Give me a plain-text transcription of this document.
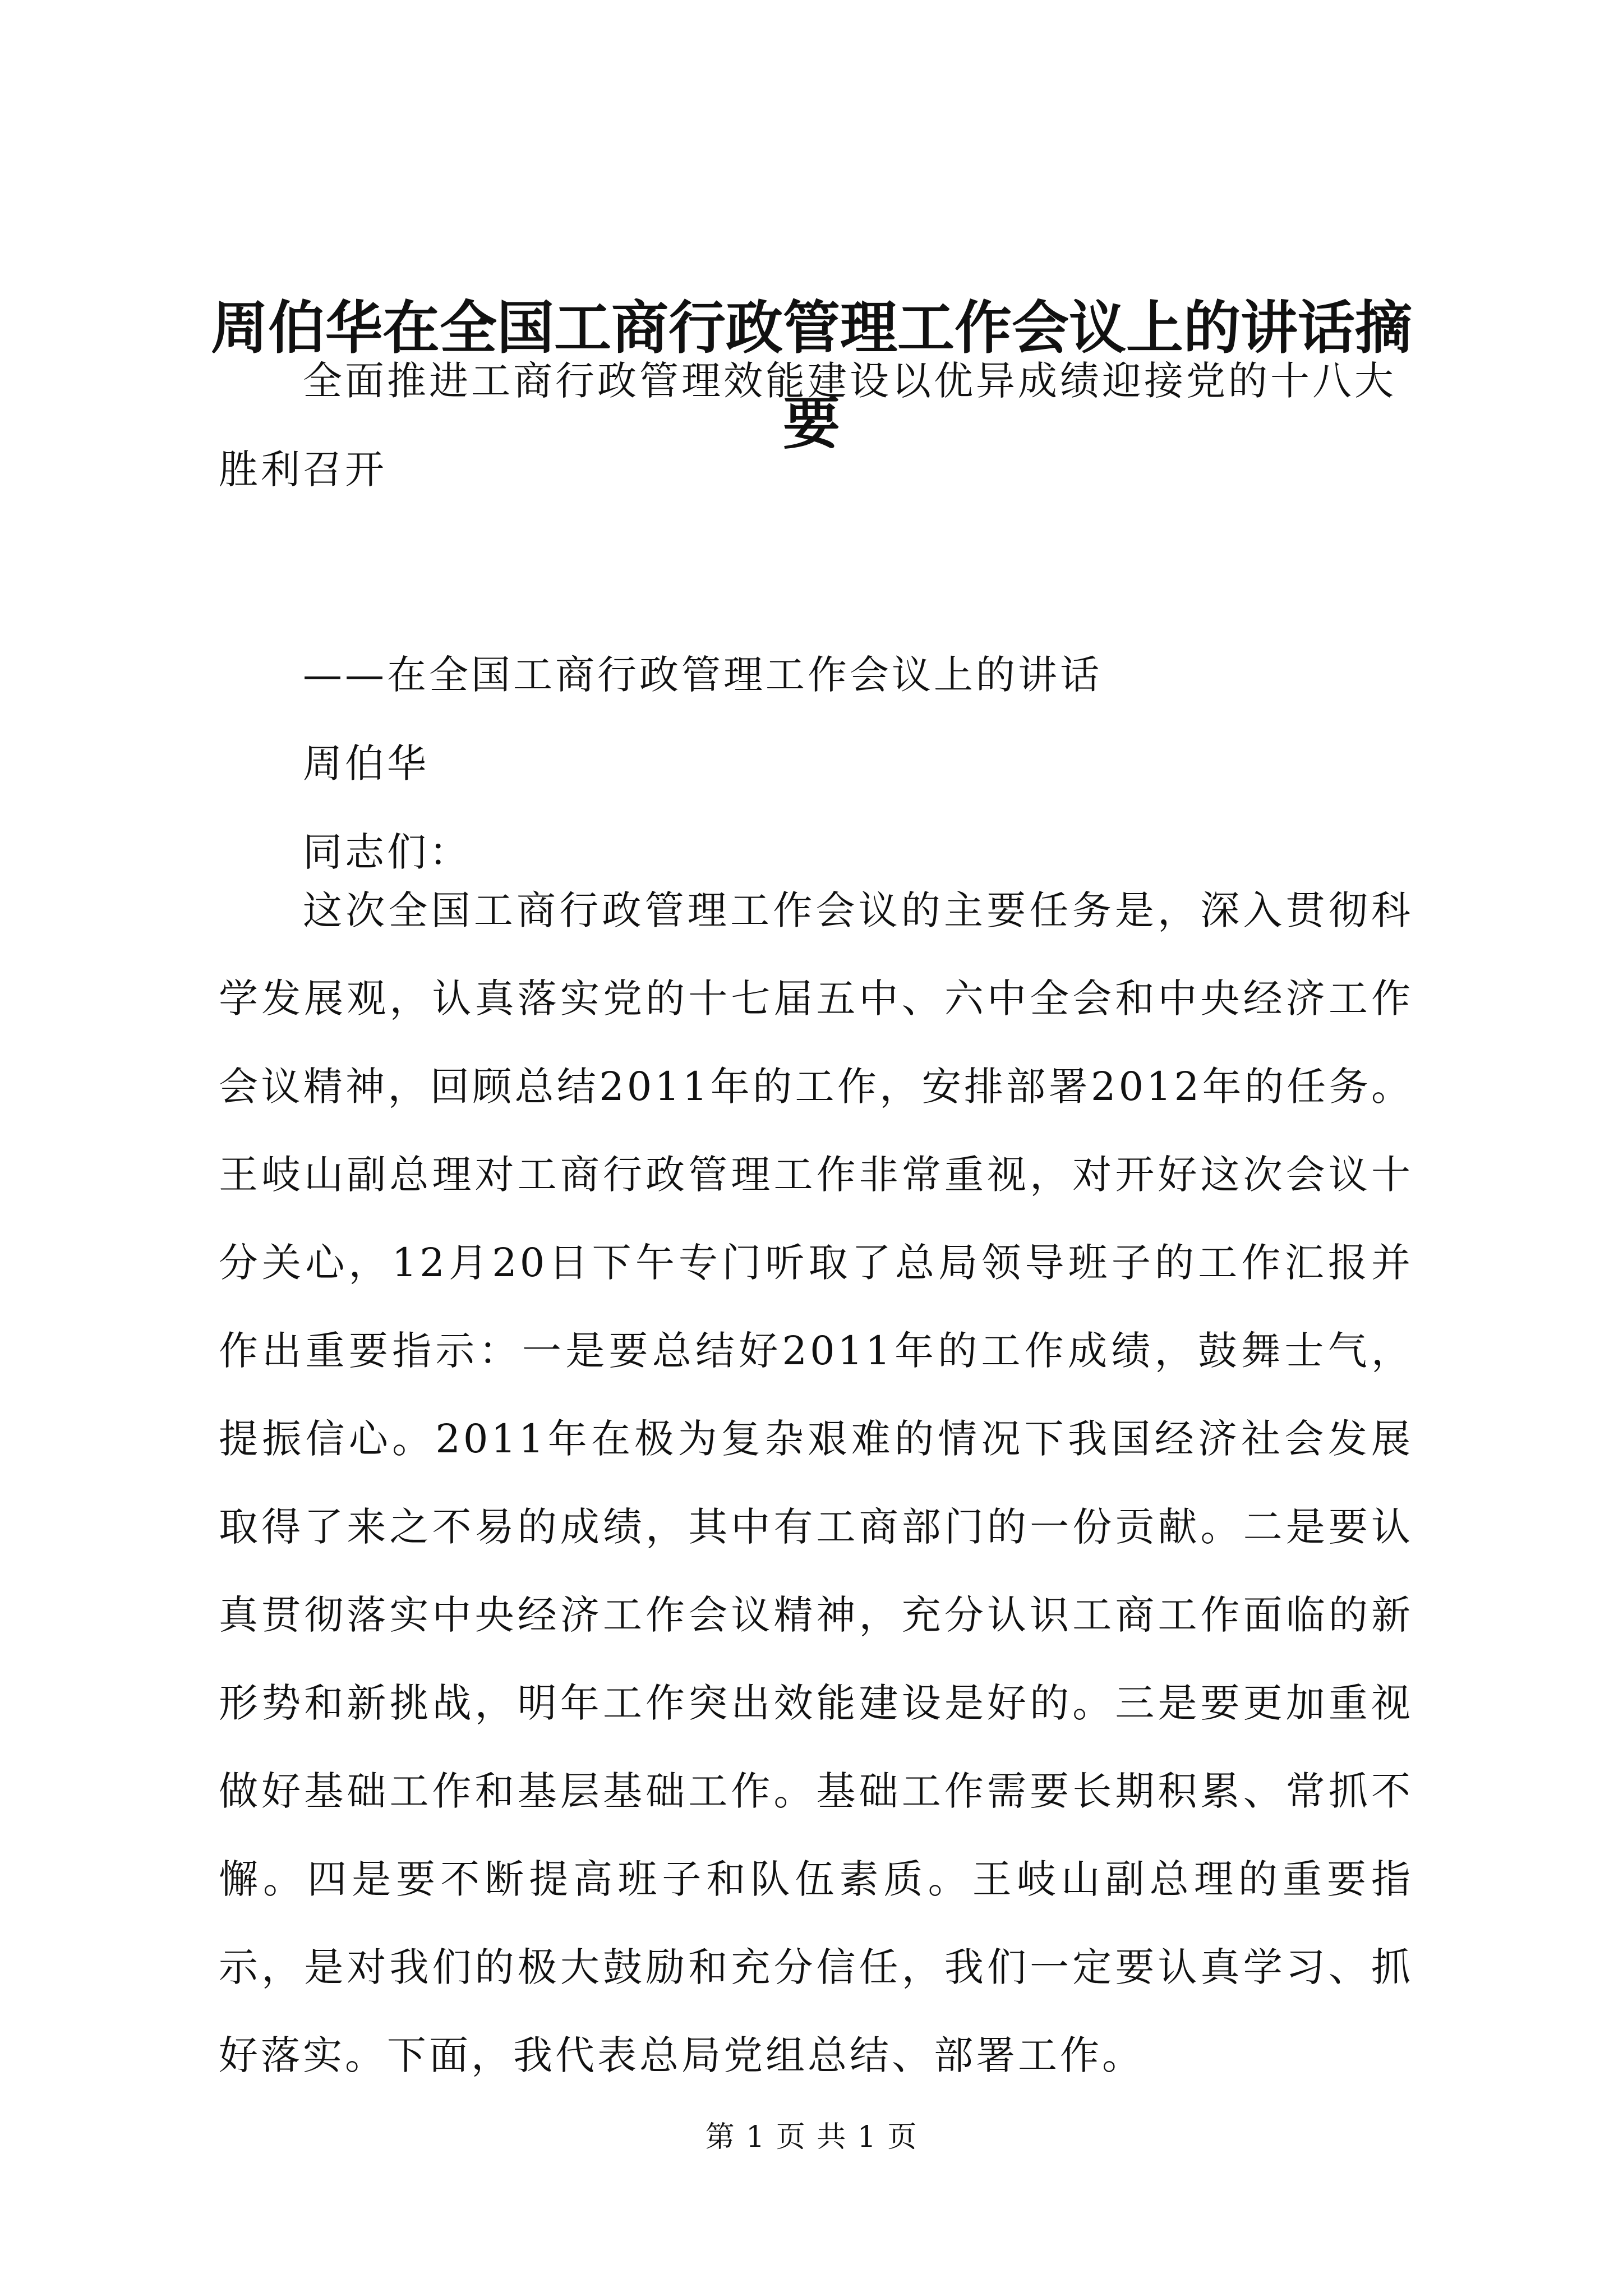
周伯华在全国工商行政管理工作会议上的讲话摘要

全面推进工商行政管理效能建设以优异成绩迎接党的十八大胜利召开

——在全国工商行政管理工作会议上的讲话

周伯华

同志们：

这次全国工商行政管理工作会议的主要任务是，深入贯彻科学发展观，认真落实党的十七届五中、六中全会和中央经济工作会议精神，回顾总结2011年的工作，安排部署2012年的任务。王岐山副总理对工商行政管理工作非常重视，对开好这次会议十分关心，12月20日下午专门听取了总局领导班子的工作汇报并作出重要指示：一是要总结好2011年的工作成绩，鼓舞士气，提振信心。2011年在极为复杂艰难的情况下我国经济社会发展取得了来之不易的成绩，其中有工商部门的一份贡献。二是要认真贯彻落实中央经济工作会议精神，充分认识工商工作面临的新形势和新挑战，明年工作突出效能建设是好的。三是要更加重视做好基础工作和基层基础工作。基础工作需要长期积累、常抓不懈。四是要不断提高班子和队伍素质。王岐山副总理的重要指示，是对我们的极大鼓励和充分信任，我们一定要认真学习、抓好落实。下面，我代表总局党组总结、部署工作。

第 1 页 共 1 页
